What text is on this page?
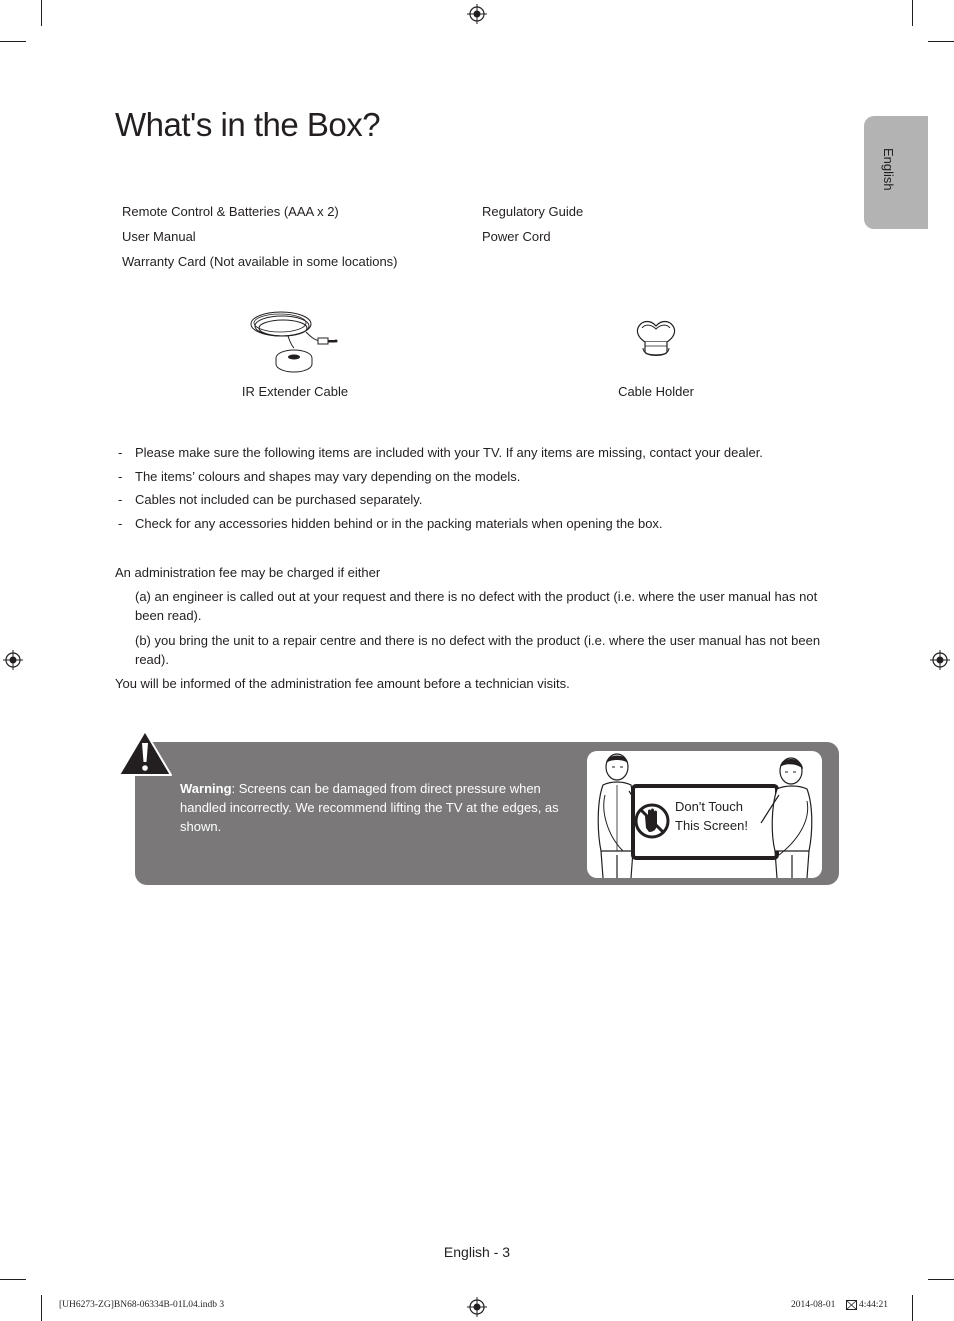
What's in the Box?
English
Remote Control & Batteries (AAA x 2)
User Manual
Warranty Card (Not available in some locations)
Regulatory Guide
Power Cord
IR Extender Cable	Cable Holder
- Please make sure the following items are included with your TV. If any items are missing, contact your dealer.
- The items’ colours and shapes may vary depending on the models.
- Cables not included can be purchased separately.
- Check for any accessories hidden behind or in the packing materials when opening the box.
An administration fee may be charged if either
(a) an engineer is called out at your request and there is no defect with the product (i.e. where the user manual has not been read).
(b) you bring the unit to a repair centre and there is no defect with the product (i.e. where the user manual has not been read).
You will be informed of the administration fee amount before a technician visits.
Warning: Screens can be damaged from direct pressure when handled incorrectly. We recommend lifting the TV at the edges, as shown.
Don't Touch
This Screen!
English - 3
[UH6273-ZG]BN68-06334B-01L04.indb 3	2014-08-01 4:44:21
